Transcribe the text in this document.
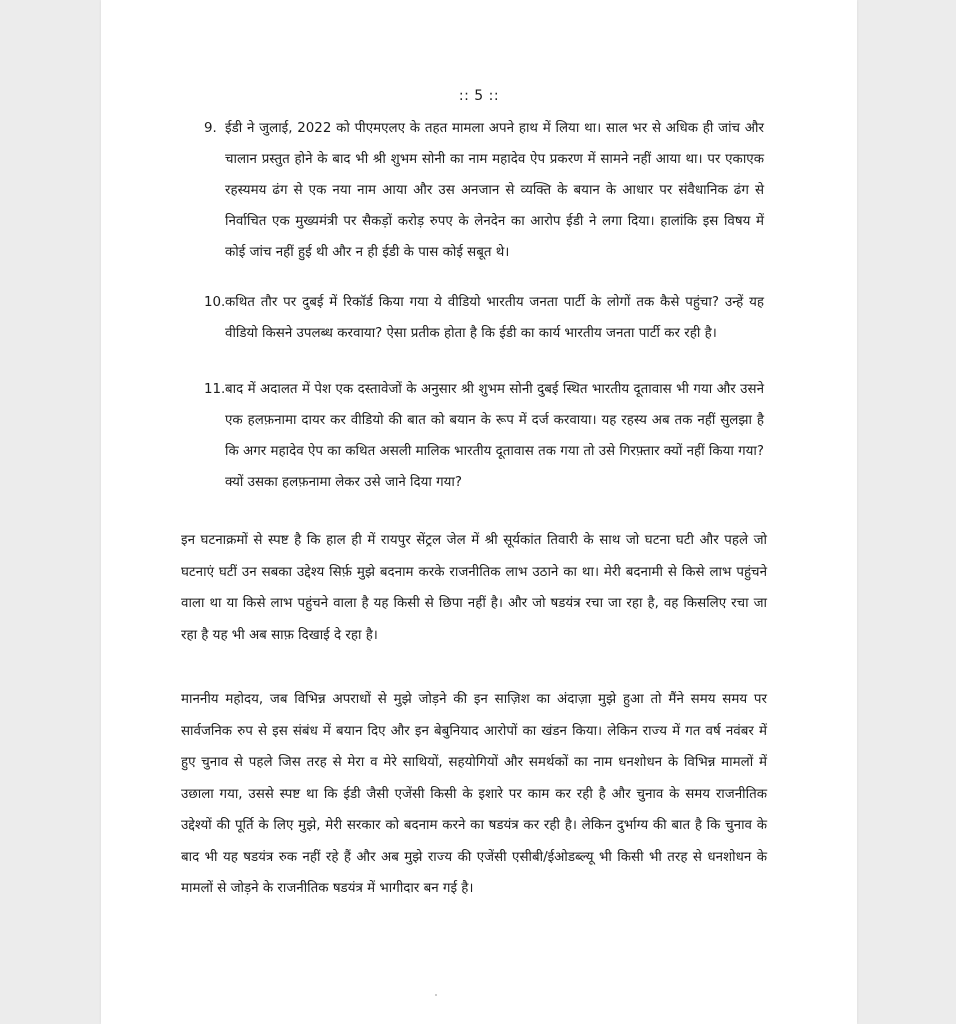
:: 5 ::
9. ईडी ने जुलाई, 2022 को पीएमएलए के तहत मामला अपने हाथ में लिया था। साल भर से अधिक ही जांच और चालान प्रस्तुत होने के बाद भी श्री शुभम सोनी का नाम महादेव ऐप प्रकरण में सामने नहीं आया था। पर एकाएक रहस्यमय ढंग से एक नया नाम आया और उस अनजान से व्यक्ति के बयान के आधार पर संवैधानिक ढंग से निर्वाचित एक मुख्यमंत्री पर सैकड़ों करोड़ रुपए के लेनदेन का आरोप ईडी ने लगा दिया। हालांकि इस विषय में कोई जांच नहीं हुई थी और न ही ईडी के पास कोई सबूत थे।
10. कथित तौर पर दुबई में रिकॉर्ड किया गया ये वीडियो भारतीय जनता पार्टी के लोगों तक कैसे पहुंचा? उन्हें यह वीडियो किसने उपलब्ध करवाया? ऐसा प्रतीक होता है कि ईडी का कार्य भारतीय जनता पार्टी कर रही है।
11. बाद में अदालत में पेश एक दस्तावेजों के अनुसार श्री शुभम सोनी दुबई स्थित भारतीय दूतावास भी गया और उसने एक हलफ़नामा दायर कर वीडियो की बात को बयान के रूप में दर्ज करवाया। यह रहस्य अब तक नहीं सुलझा है कि अगर महादेव ऐप का कथित असली मालिक भारतीय दूतावास तक गया तो उसे गिरफ़्तार क्यों नहीं किया गया? क्यों उसका हलफ़नामा लेकर उसे जाने दिया गया?
इन घटनाक्रमों से स्पष्ट है कि हाल ही में रायपुर सेंट्रल जेल में श्री सूर्यकांत तिवारी के साथ जो घटना घटी और पहले जो घटनाएं घटीं उन सबका उद्देश्य सिर्फ़ मुझे बदनाम करके राजनीतिक लाभ उठाने का था। मेरी बदनामी से किसे लाभ पहुंचने वाला था या किसे लाभ पहुंचने वाला है यह किसी से छिपा नहीं है। और जो षडयंत्र रचा जा रहा है, वह किसलिए रचा जा रहा है यह भी अब साफ़ दिखाई दे रहा है।
माननीय महोदय, जब विभिन्न अपराधों से मुझे जोड़ने की इन साज़िश का अंदाज़ा मुझे हुआ तो मैंने समय समय पर सार्वजनिक रुप से इस संबंध में बयान दिए और इन बेबुनियाद आरोपों का खंडन किया। लेकिन राज्य में गत वर्ष नवंबर में हुए चुनाव से पहले जिस तरह से मेरा व मेरे साथियों, सहयोगियों और समर्थकों का नाम धनशोधन के विभिन्न मामलों में उछाला गया, उससे स्पष्ट था कि ईडी जैसी एजेंसी किसी के इशारे पर काम कर रही है और चुनाव के समय राजनीतिक उद्देश्यों की पूर्ति के लिए मुझे, मेरी सरकार को बदनाम करने का षडयंत्र कर रही है। लेकिन दुर्भाग्य की बात है कि चुनाव के बाद भी यह षडयंत्र रुक नहीं रहे हैं और अब मुझे राज्य की एजेंसी एसीबी/ईओडब्ल्यू भी किसी भी तरह से धनशोधन के मामलों से जोड़ने के राजनीतिक षडयंत्र में भागीदार बन गई है।
